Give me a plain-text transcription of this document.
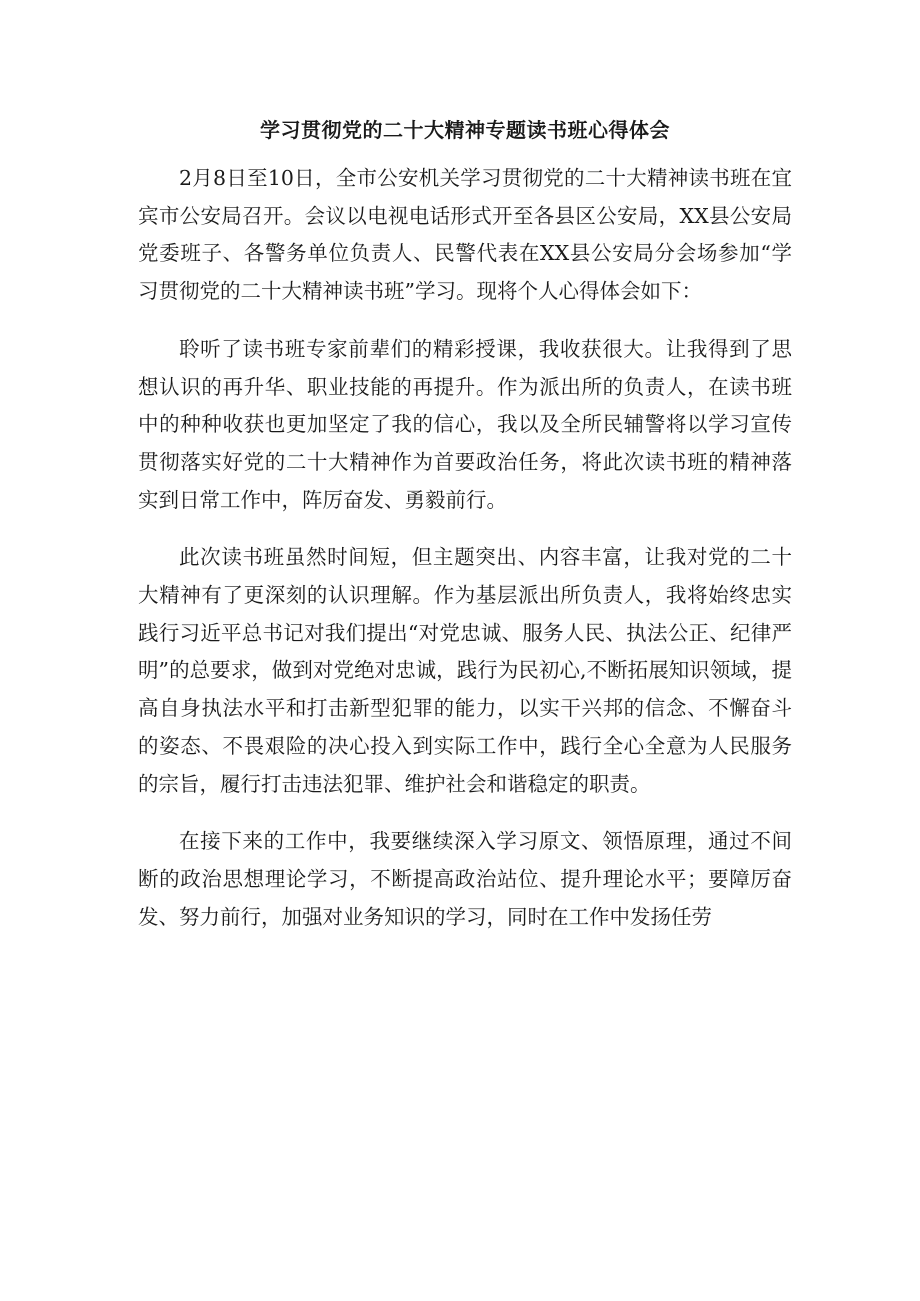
学习贯彻党的二十大精神专题读书班心得体会

2月8日至10日，全市公安机关学习贯彻党的二十大精神读书班在宜宾市公安局召开。会议以电视电话形式开至各县区公安局，XX县公安局党委班子、各警务单位负责人、民警代表在XX县公安局分会场参加“学习贯彻党的二十大精神读书班”学习。现将个人心得体会如下：

聆听了读书班专家前辈们的精彩授课，我收获很大。让我得到了思想认识的再升华、职业技能的再提升。作为派出所的负责人，在读书班中的种种收获也更加坚定了我的信心，我以及全所民辅警将以学习宣传贯彻落实好党的二十大精神作为首要政治任务，将此次读书班的精神落实到日常工作中，阵厉奋发、勇毅前行。

此次读书班虽然时间短，但主题突出、内容丰富，让我对党的二十大精神有了更深刻的认识理解。作为基层派出所负责人，我将始终忠实践行习近平总书记对我们提出“对党忠诚、服务人民、执法公正、纪律严明”的总要求，做到对党绝对忠诚，践行为民初心,不断拓展知识领域，提高自身执法水平和打击新型犯罪的能力，以实干兴邦的信念、不懈奋斗的姿态、不畏艰险的决心投入到实际工作中，践行全心全意为人民服务的宗旨，履行打击违法犯罪、维护社会和谐稳定的职责。

在接下来的工作中，我要继续深入学习原文、领悟原理，通过不间断的政治思想理论学习，不断提高政治站位、提升理论水平；要障厉奋发、努力前行，加强对业务知识的学习，同时在工作中发扬任劳
